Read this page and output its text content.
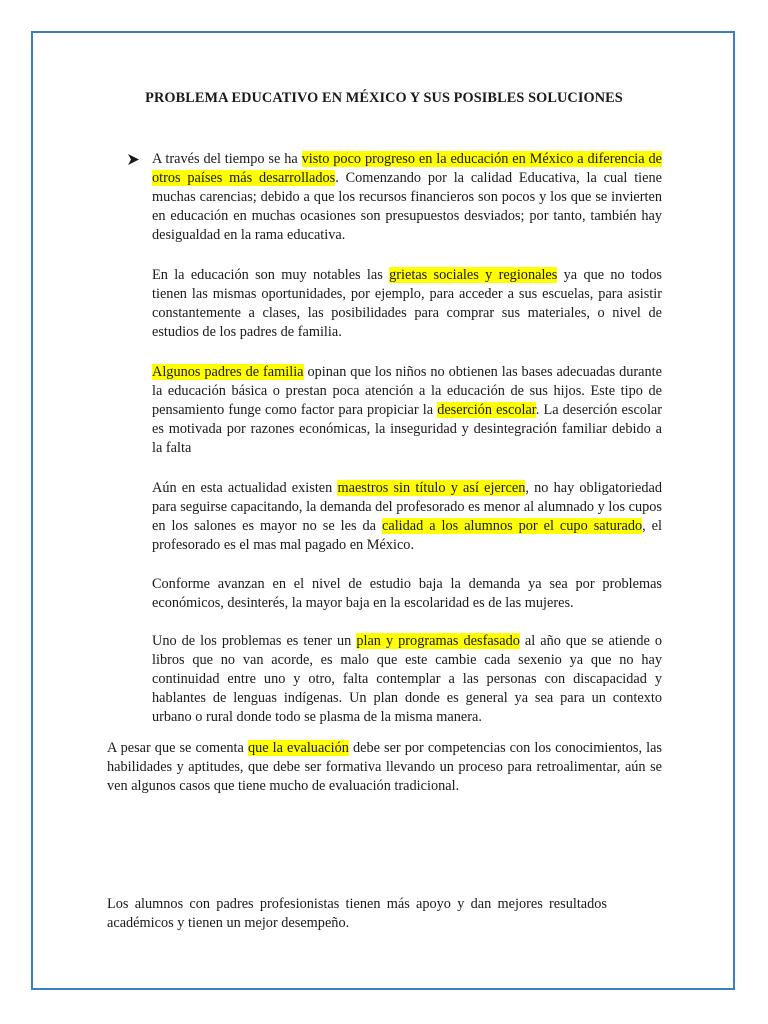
PROBLEMA EDUCATIVO EN MÉXICO Y SUS POSIBLES SOLUCIONES

A través del tiempo se ha visto poco progreso en la educación en México a diferencia de otros países más desarrollados. Comenzando por la calidad Educativa, la cual tiene muchas carencias; debido a que los recursos financieros son pocos y los que se invierten en educación en muchas ocasiones son presupuestos desviados; por tanto, también hay desigualdad en la rama educativa.

En la educación son muy notables las grietas sociales y regionales ya que no todos tienen las mismas oportunidades, por ejemplo, para acceder a sus escuelas, para asistir constantemente a clases, las posibilidades para comprar sus materiales, o nivel de estudios de los padres de familia.

Algunos padres de familia opinan que los niños no obtienen las bases adecuadas durante la educación básica o prestan poca atención a la educación de sus hijos. Este tipo de pensamiento funge como factor para propiciar la deserción escolar. La deserción escolar es motivada por razones económicas, la inseguridad y desintegración familiar debido a la falta

Aún en esta actualidad existen maestros sin título y así ejercen, no hay obligatoriedad para seguirse capacitando, la demanda del profesorado es menor al alumnado y los cupos en los salones es mayor no se les da calidad a los alumnos por el cupo saturado, el profesorado es el mas mal pagado en México.

Conforme avanzan en el nivel de estudio baja la demanda ya sea por problemas económicos, desinterés, la mayor baja en la escolaridad es de las mujeres.

Uno de los problemas es tener un plan y programas desfasado al año que se atiende o libros que no van acorde, es malo que este cambie cada sexenio ya que no hay continuidad entre uno y otro, falta contemplar a las personas con discapacidad y hablantes de lenguas indígenas. Un plan donde es general ya sea para un contexto urbano o rural donde todo se plasma de la misma manera.

A pesar que se comenta que la evaluación debe ser por competencias con los conocimientos, las habilidades y aptitudes, que debe ser formativa llevando un proceso para retroalimentar, aún se ven algunos casos que tiene mucho de evaluación tradicional.

Los alumnos con padres profesionistas tienen más apoyo y dan mejores resultados académicos y tienen un mejor desempeño.
